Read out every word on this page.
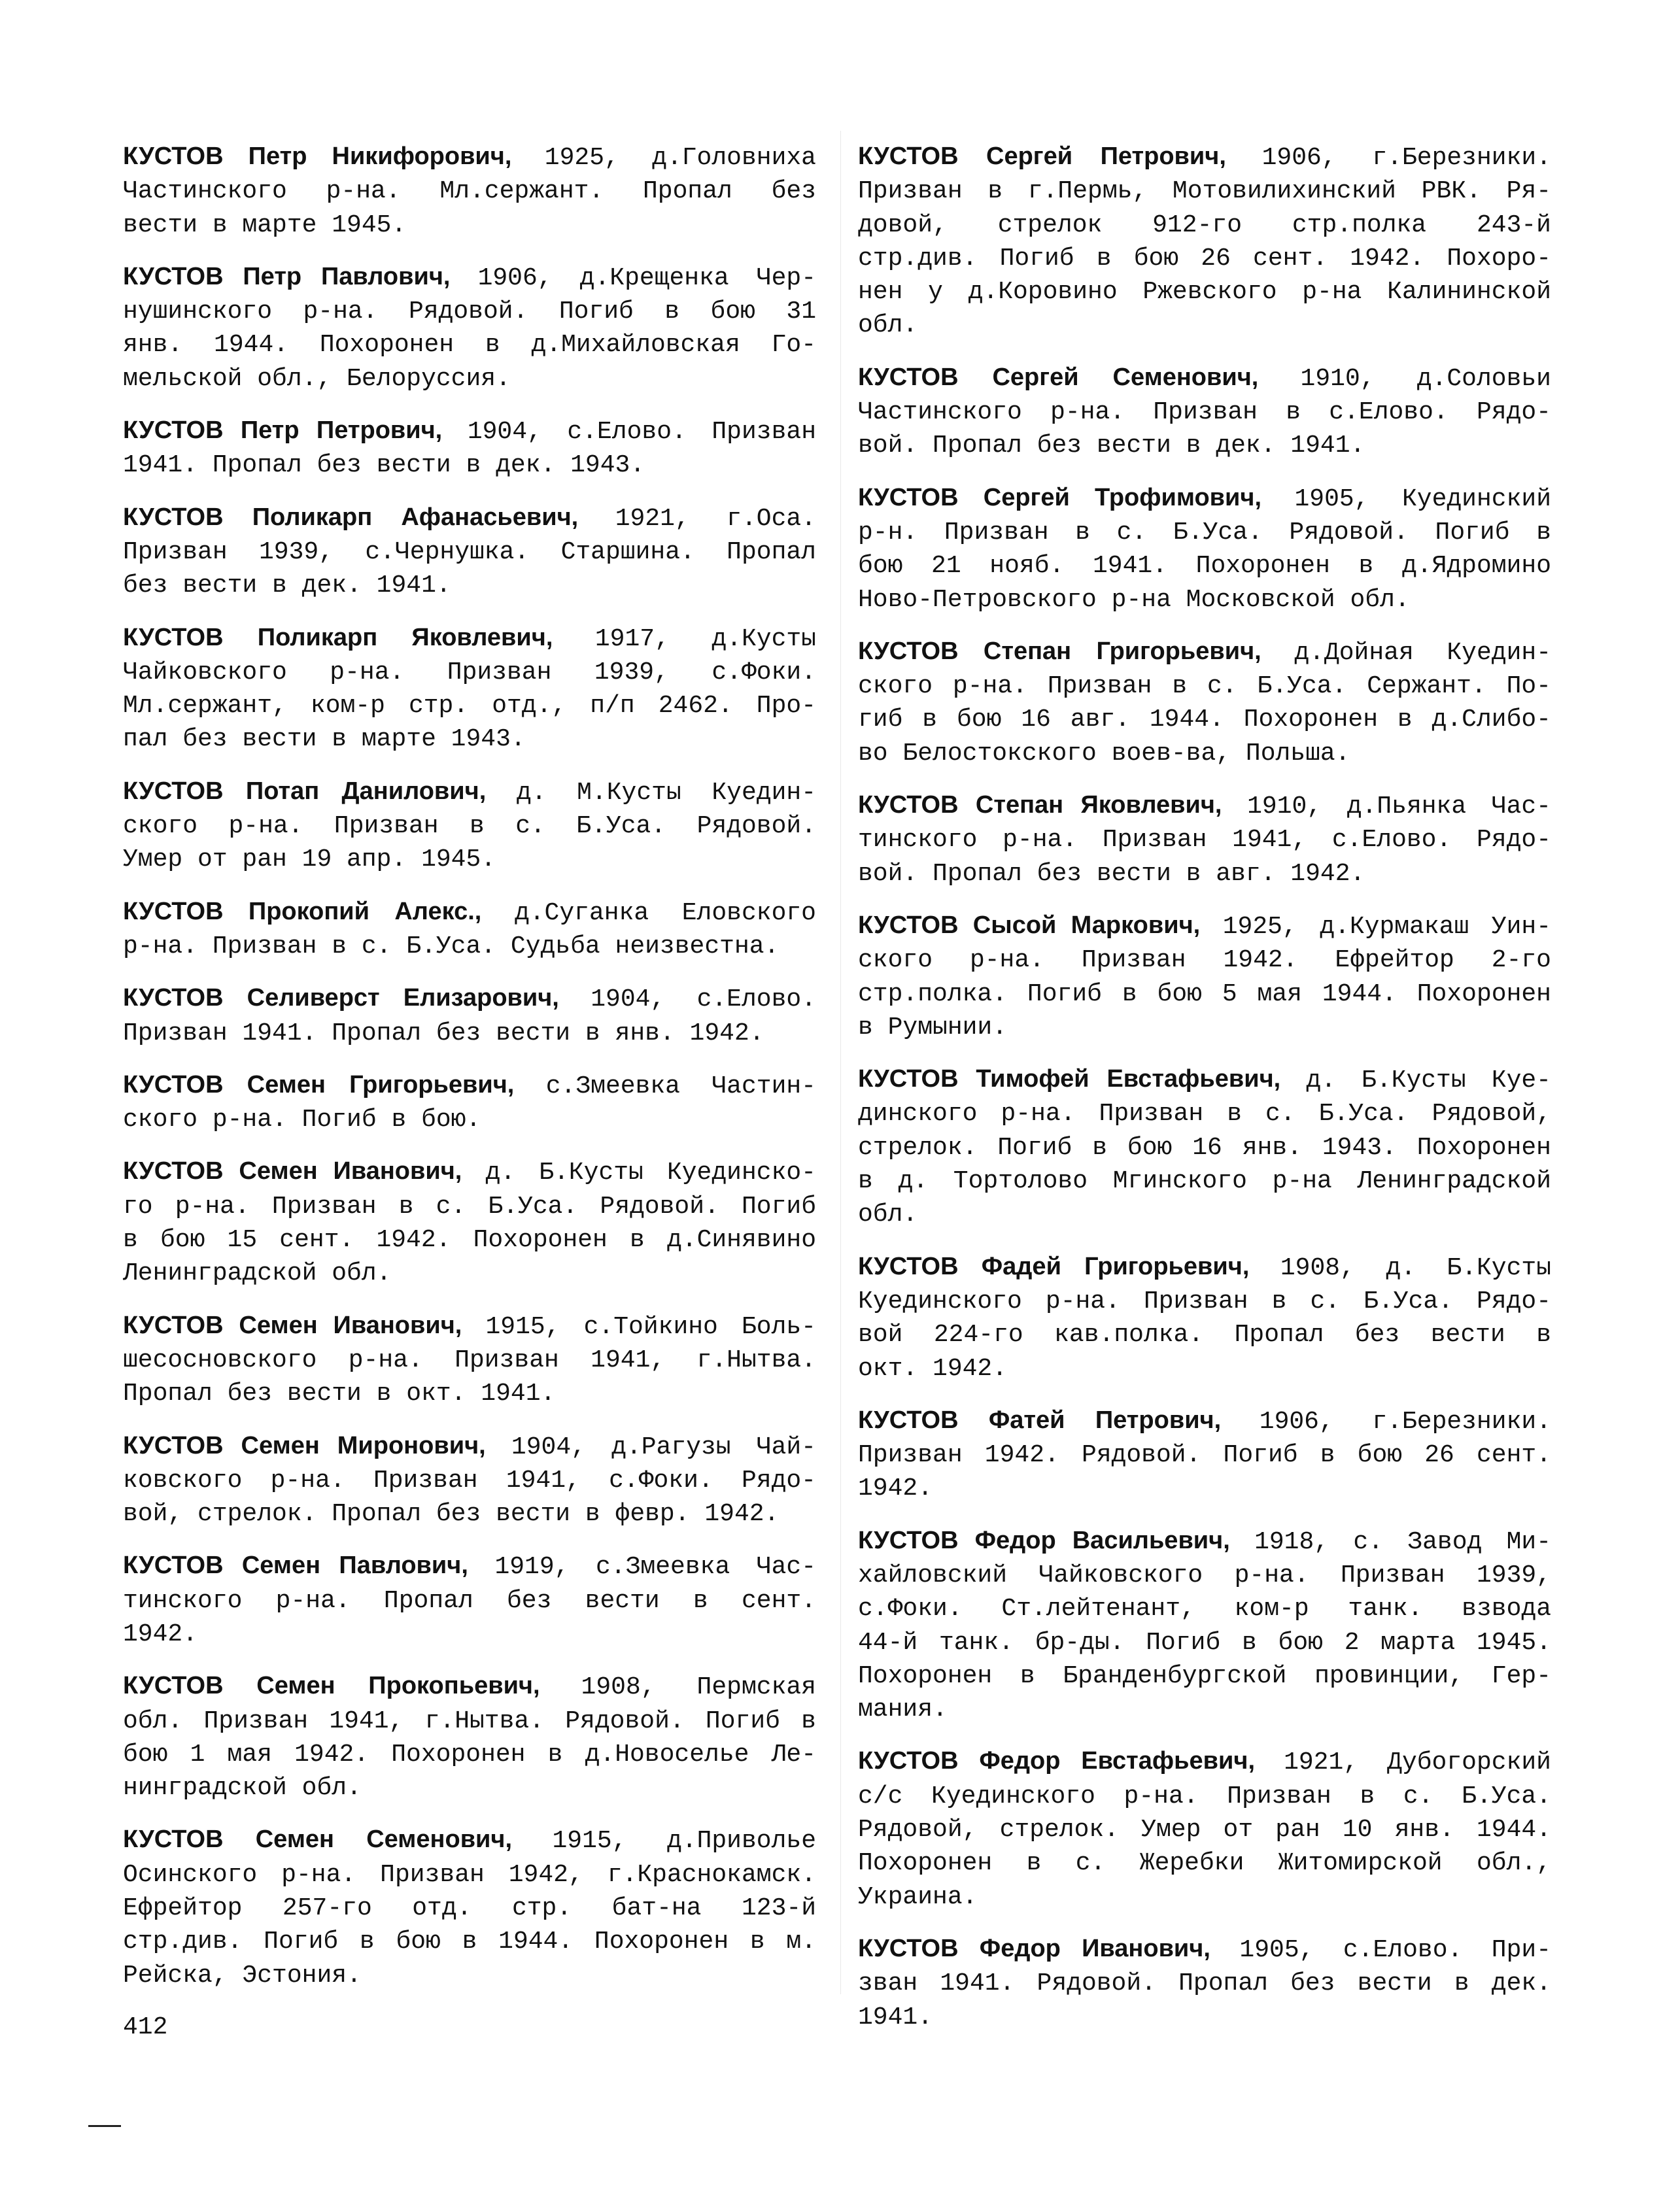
КУСТОВ Петр Никифорович, 1925, д.Головниха
Частинского р-на. Мл.сержант. Пропал без
вести в марте 1945.
КУСТОВ Петр Павлович, 1906, д.Крещенка Чер-
нушинского р-на. Рядовой. Погиб в бою 31
янв. 1944. Похоронен в д.Михайловская Го-
мельской обл., Белоруссия.
КУСТОВ Петр Петрович, 1904, с.Елово. Призван
1941. Пропал без вести в дек. 1943.
КУСТОВ Поликарп Афанасьевич, 1921, г.Оса.
Призван 1939, с.Чернушка. Старшина. Пропал
без вести в дек. 1941.
КУСТОВ Поликарп Яковлевич, 1917, д.Кусты
Чайковского р-на. Призван 1939, с.Фоки.
Мл.сержант, ком-р стр. отд., п/п 2462. Про-
пал без вести в марте 1943.
КУСТОВ Потап Данилович, д. М.Кусты Куедин-
ского р-на. Призван в с. Б.Уса. Рядовой.
Умер от ран 19 апр. 1945.
КУСТОВ Прокопий Алекс., д.Суганка Еловского
р-на. Призван в с. Б.Уса. Судьба неизвестна.
КУСТОВ Селиверст Елизарович, 1904, с.Елово.
Призван 1941. Пропал без вести в янв. 1942.
КУСТОВ Семен Григорьевич, с.Змеевка Частин-
ского р-на. Погиб в бою.
КУСТОВ Семен Иванович, д. Б.Кусты Куединско-
го р-на. Призван в с. Б.Уса. Рядовой. Погиб
в бою 15 сент. 1942. Похоронен в д.Синявино
Ленинградской обл.
КУСТОВ Семен Иванович, 1915, с.Тойкино Боль-
шесосновского р-на. Призван 1941, г.Нытва.
Пропал без вести в окт. 1941.
КУСТОВ Семен Миронович, 1904, д.Рагузы Чай-
ковского р-на. Призван 1941, с.Фоки. Рядо-
вой, стрелок. Пропал без вести в февр. 1942.
КУСТОВ Семен Павлович, 1919, с.Змеевка Час-
тинского р-на. Пропал без вести в сент.
1942.
КУСТОВ Семен Прокопьевич, 1908, Пермская
обл. Призван 1941, г.Нытва. Рядовой. Погиб в
бою 1 мая 1942. Похоронен в д.Новоселье Ле-
нинградской обл.
КУСТОВ Семен Семенович, 1915, д.Приволье
Осинского р-на. Призван 1942, г.Краснокамск.
Ефрейтор 257-го отд. стр. бат-на 123-й
стр.див. Погиб в бою в 1944. Похоронен в м.
Рейска, Эстония.
412
КУСТОВ Сергей Петрович, 1906, г.Березники.
Призван в г.Пермь, Мотовилихинский РВК. Ря-
довой, стрелок 912-го стр.полка 243-й
стр.див. Погиб в бою 26 сент. 1942. Похоро-
нен у д.Коровино Ржевского р-на Калининской
обл.
КУСТОВ Сергей Семенович, 1910, д.Соловьи
Частинского р-на. Призван в с.Елово. Рядо-
вой. Пропал без вести в дек. 1941.
КУСТОВ Сергей Трофимович, 1905, Куединский
р-н. Призван в с. Б.Уса. Рядовой. Погиб в
бою 21 нояб. 1941. Похоронен в д.Ядромино
Ново-Петровского р-на Московской обл.
КУСТОВ Степан Григорьевич, д.Дойная Куедин-
ского р-на. Призван в с. Б.Уса. Сержант. По-
гиб в бою 16 авг. 1944. Похоронен в д.Слибо-
во Белостокского воев-ва, Польша.
КУСТОВ Степан Яковлевич, 1910, д.Пьянка Час-
тинского р-на. Призван 1941, с.Елово. Рядо-
вой. Пропал без вести в авг. 1942.
КУСТОВ Сысой Маркович, 1925, д.Курмакаш Уин-
ского р-на. Призван 1942. Ефрейтор 2-го
стр.полка. Погиб в бою 5 мая 1944. Похоронен
в Румынии.
КУСТОВ Тимофей Евстафьевич, д. Б.Кусты Куе-
динского р-на. Призван в с. Б.Уса. Рядовой,
стрелок. Погиб в бою 16 янв. 1943. Похоронен
в д. Тортолово Мгинского р-на Ленинградской
обл.
КУСТОВ Фадей Григорьевич, 1908, д. Б.Кусты
Куединского р-на. Призван в с. Б.Уса. Рядо-
вой 224-го кав.полка. Пропал без вести в
окт. 1942.
КУСТОВ Фатей Петрович, 1906, г.Березники.
Призван 1942. Рядовой. Погиб в бою 26 сент.
1942.
КУСТОВ Федор Васильевич, 1918, с. Завод Ми-
хайловский Чайковского р-на. Призван 1939,
с.Фоки. Ст.лейтенант, ком-р танк. взвода
44-й танк. бр-ды. Погиб в бою 2 марта 1945.
Похоронен в Бранденбургской провинции, Гер-
мания.
КУСТОВ Федор Евстафьевич, 1921, Дубогорский
с/с Куединского р-на. Призван в с. Б.Уса.
Рядовой, стрелок. Умер от ран 10 янв. 1944.
Похоронен в с. Жеребки Житомирской обл.,
Украина.
КУСТОВ Федор Иванович, 1905, с.Елово. При-
зван 1941. Рядовой. Пропал без вести в дек.
1941.
